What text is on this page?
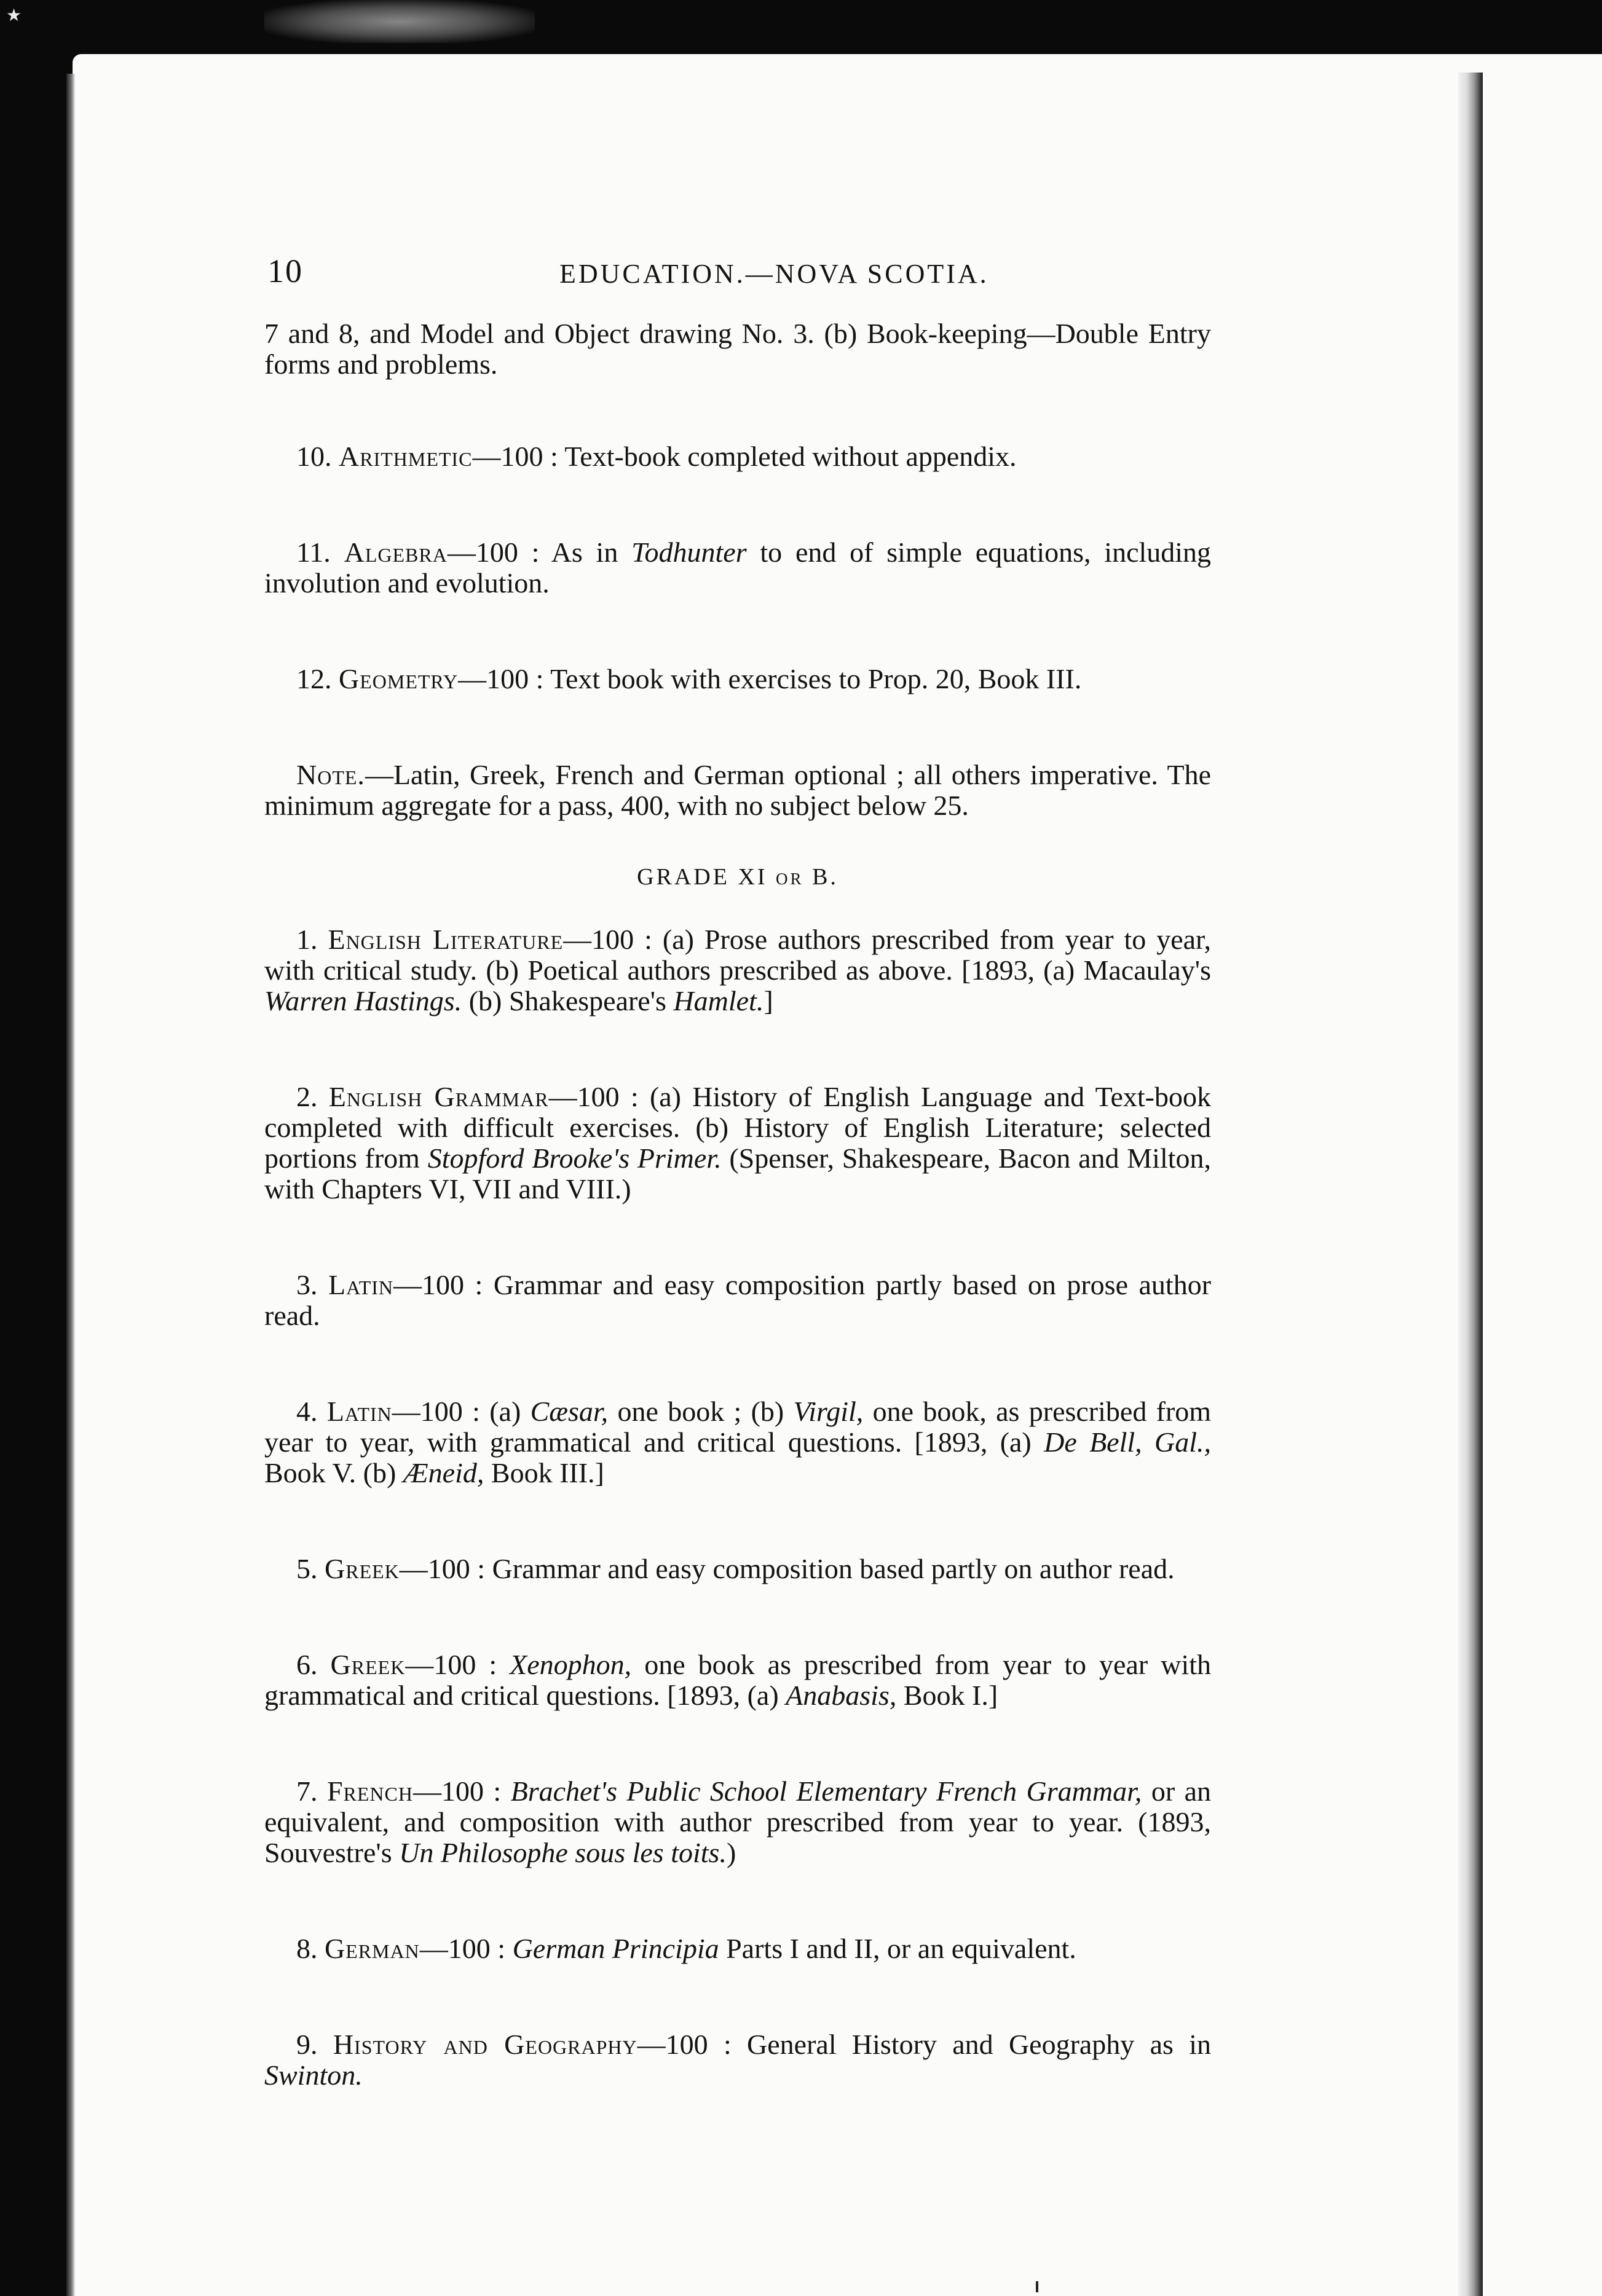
★
10	EDUCATION.—NOVA SCOTIA.

7 and 8, and Model and Object drawing No. 3. (b) Book-keeping—Double Entry forms and problems.

10. Arithmetic—100 : Text-book completed without appendix.

11. Algebra—100 : As in Todhunter to end of simple equations, including involution and evolution.

12. Geometry—100 : Text book with exercises to Prop. 20, Book III.

Note.—Latin, Greek, French and German optional ; all others imperative. The minimum aggregate for a pass, 400, with no subject below 25.

GRADE XI or B.

1. English Literature—100 : (a) Prose authors prescribed from year to year, with critical study. (b) Poetical authors prescribed as above. [1893, (a) Macaulay's Warren Hastings. (b) Shakespeare's Hamlet.]

2. English Grammar—100 : (a) History of English Language and Text-book completed with difficult exercises. (b) History of English Literature; selected portions from Stopford Brooke's Primer. (Spenser, Shakespeare, Bacon and Milton, with Chapters VI, VII and VIII.)

3. Latin—100 : Grammar and easy composition partly based on prose author read.

4. Latin—100 : (a) Cæsar, one book ; (b) Virgil, one book, as prescribed from year to year, with grammatical and critical questions. [1893, (a) De Bell, Gal., Book V. (b) Æneid, Book III.]

5. Greek—100 : Grammar and easy composition based partly on author read.

6. Greek—100 : Xenophon, one book as prescribed from year to year with grammatical and critical questions. [1893, (a) Anabasis, Book I.]

7. French—100 : Brachet's Public School Elementary French Grammar, or an equivalent, and composition with author prescribed from year to year. (1893, Souvestre's Un Philosophe sous les toits.)

8. German—100 : German Principia Parts I and II, or an equivalent.

9. History and Geography—100 : General History and Geography as in Swinton.
